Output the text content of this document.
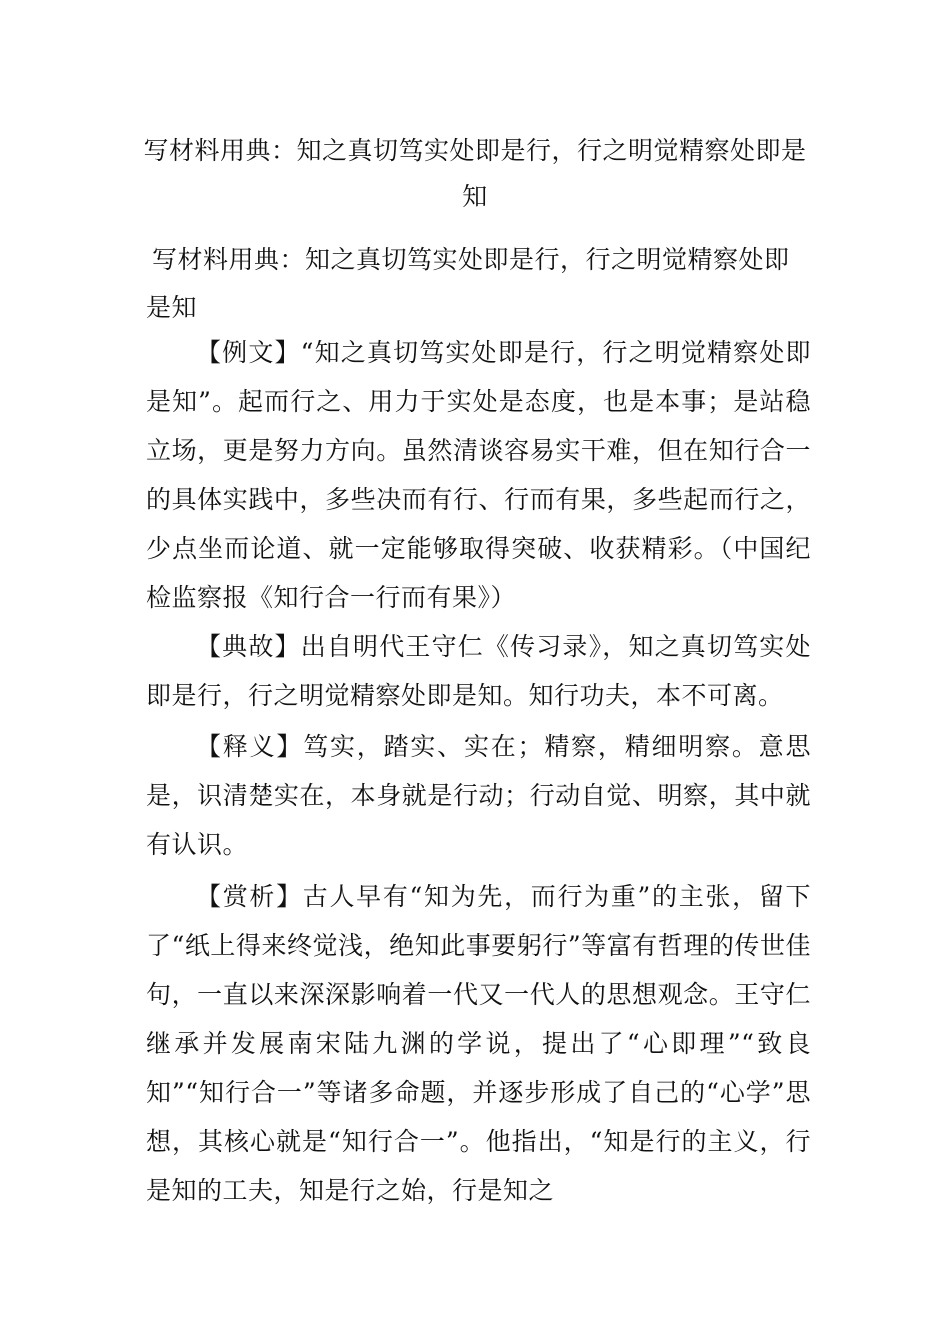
写材料用典：知之真切笃实处即是行，行之明觉精察处即是知

写材料用典：知之真切笃实处即是行，行之明觉精察处即是知

【例文】“知之真切笃实处即是行，行之明觉精察处即是知”。起而行之、用力于实处是态度，也是本事；是站稳立场，更是努力方向。虽然清谈容易实干难，但在知行合一的具体实践中，多些决而有行、行而有果，多些起而行之，少点坐而论道、就一定能够取得突破、收获精彩。（中国纪检监察报《知行合一行而有果》）

【典故】出自明代王守仁《传习录》，知之真切笃实处即是行，行之明觉精察处即是知。知行功夫，本不可离。

【释义】笃实，踏实、实在；精察，精细明察。意思是，识清楚实在，本身就是行动；行动自觉、明察，其中就有认识。

【赏析】古人早有“知为先，而行为重”的主张，留下了“纸上得来终觉浅，绝知此事要躬行”等富有哲理的传世佳句，一直以来深深影响着一代又一代人的思想观念。王守仁继承并发展南宋陆九渊的学说，提出了“心即理”“致良知”“知行合一”等诸多命题，并逐步形成了自己的“心学”思想，其核心就是“知行合一”。他指出，“知是行的主义，行是知的工夫，知是行之始，行是知之
